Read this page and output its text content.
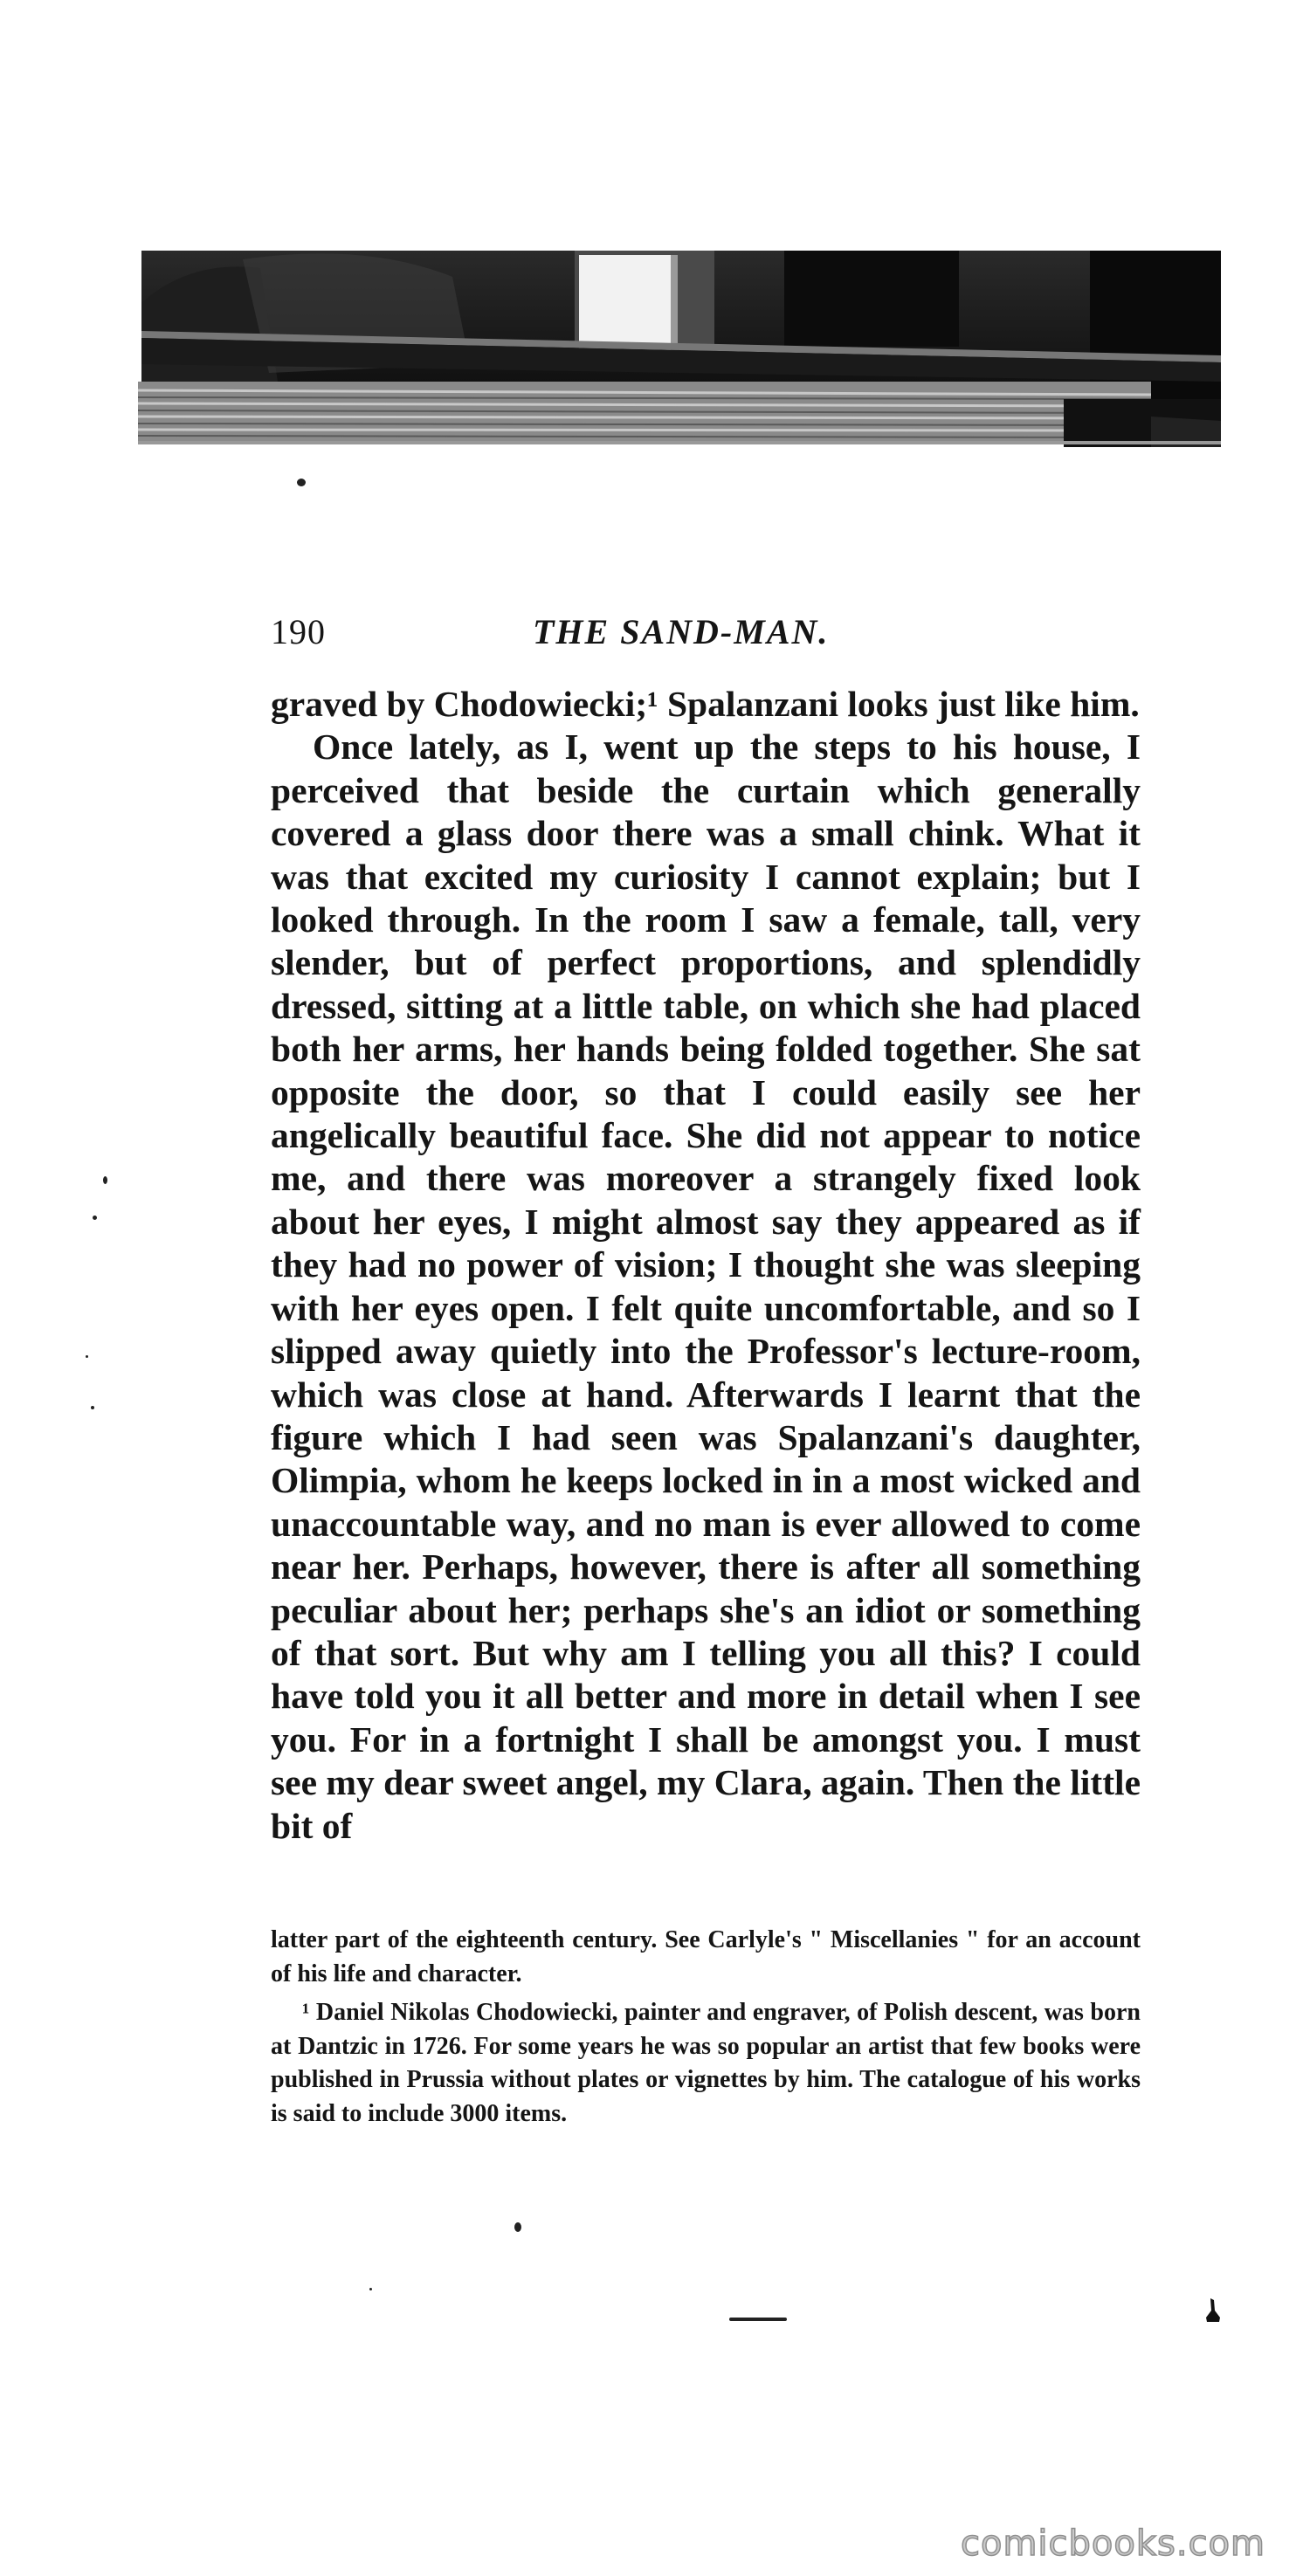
190	THE SAND-MAN.

graved by Chodowiecki;¹ Spalanzani looks just like him.

Once lately, as I, went up the steps to his house, I perceived that beside the curtain which generally covered a glass door there was a small chink. What it was that excited my curiosity I cannot explain; but I looked through. In the room I saw a female, tall, very slender, but of perfect proportions, and splendidly dressed, sitting at a little table, on which she had placed both her arms, her hands being folded together. She sat opposite the door, so that I could easily see her angelically beautiful face. She did not appear to notice me, and there was moreover a strangely fixed look about her eyes, I might almost say they appeared as if they had no power of vision; I thought she was sleeping with her eyes open. I felt quite uncomfortable, and so I slipped away quietly into the Professor's lecture-room, which was close at hand. Afterwards I learnt that the figure which I had seen was Spalanzani's daughter, Olimpia, whom he keeps locked in in a most wicked and unaccountable way, and no man is ever allowed to come near her. Perhaps, however, there is after all something peculiar about her; perhaps she's an idiot or something of that sort. But why am I telling you all this? I could have told you it all better and more in detail when I see you. For in a fortnight I shall be amongst you. I must see my dear sweet angel, my Clara, again. Then the little bit of

latter part of the eighteenth century. See Carlyle's " Miscellanies " for an account of his life and character.

¹ Daniel Nikolas Chodowiecki, painter and engraver, of Polish descent, was born at Dantzic in 1726. For some years he was so popular an artist that few books were published in Prussia without plates or vignettes by him. The catalogue of his works is said to include 3000 items.

comicbooks.com
